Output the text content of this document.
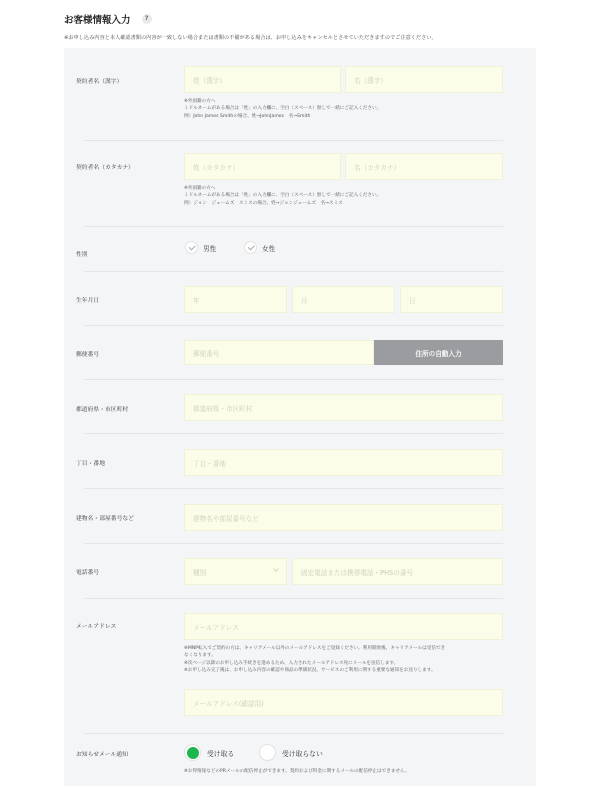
お客様情報入力 ?
※お申し込み内容と本人確認書類の内容が一致しない場合または書類の不備がある場合は、お申し込みをキャンセルとさせていただきますのでご注意ください。
契約者名（漢字）	姓（漢字）	名（漢字）
※外国籍の方へ
ミドルネームがある場合は「姓」の入力欄に、空白（スペース）無しで一緒にご記入ください。
例）John James Smithの場合、姓→JohnJames　名→Smith
契約者名（カタカナ）	姓（カタカナ）	名（カタカナ）
※外国籍の方へ
ミドルネームがある場合は「姓」の入力欄に、空白（スペース）無しで一緒にご記入ください。
例）ジョン　ジェームズ　スミスの場合、姓→ジョンジェームズ　名→スミス
性別
男性	女性
生年月日	年	月	日
郵便番号	郵便番号	住所の自動入力
都道府県・市区町村	都道府県・市区町村
丁目・番地	丁目・番地
建物名・部屋番号など	建物名や部屋番号など
電話番号	種別	固定電話または携帯電話・PHSの番号
メールアドレス	メールアドレス
※MNP転入でご契約の方は、キャリアメール以外のメールアドレスをご登録ください。利用開始後、キャリアメールは受信でき
なくなります。
※次ページ以降のお申し込み手続きを進めるため、入力されたメールアドレス宛にメールを送信します。
※お申し込み完了後は、お申し込み内容の確認や商品の準備状況、サービスのご利用に関する重要な通知をお送りします。
メールアドレス(確認用)
お知らせメール通知	受け取る	受け取らない
※お得情報などのPRメールの配信停止ができます。契約および料金に関するメールの配信停止はできません。
